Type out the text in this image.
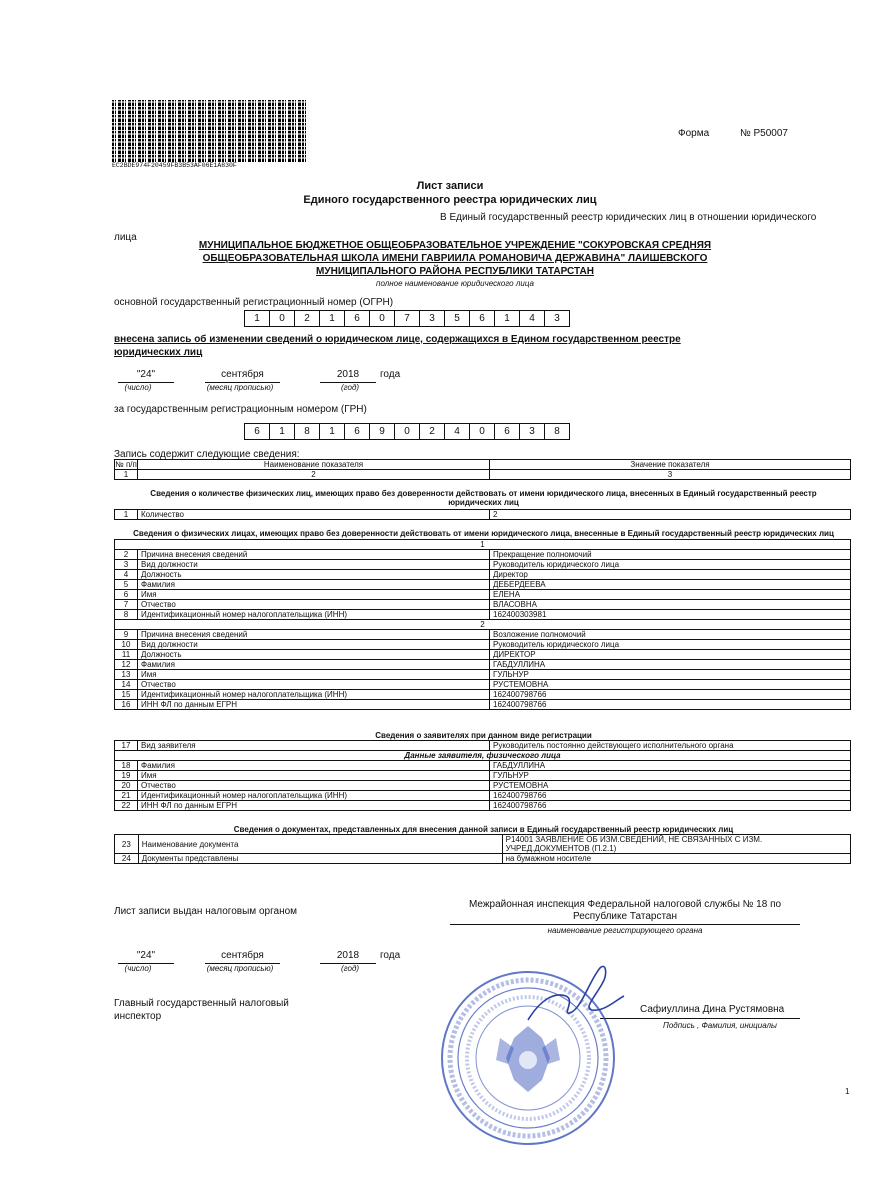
EC2BDE974F20459FB3B53AF06E1A830F
Форма	№ Р50007
Лист записи
Единого государственного реестра юридических лиц
В Единый государственный реестр юридических лиц в отношении юридического
лица
МУНИЦИПАЛЬНОЕ БЮДЖЕТНОЕ ОБЩЕОБРАЗОВАТЕЛЬНОЕ УЧРЕЖДЕНИЕ "СОКУРОВСКАЯ СРЕДНЯЯ
ОБЩЕОБРАЗОВАТЕЛЬНАЯ ШКОЛА ИМЕНИ ГАВРИИЛА РОМАНОВИЧА ДЕРЖАВИНА" ЛАИШЕВСКОГО
МУНИЦИПАЛЬНОГО РАЙОНА РЕСПУБЛИКИ ТАТАРСТАН
полное наименование юридического лица
основной государственный регистрационный номер (ОГРН)
1	0	2	1	6	0	7	3	5	6	1	4	3
внесена запись об изменении сведений о юридическом лице, содержащихся в Едином государственном реестре
юридических лиц
"24"	сентября	2018	года
(число)	(месяц прописью)	(год)
за государственным регистрационным номером (ГРН)
6	1	8	1	6	9	0	2	4	0	6	3	8
Запись содержит следующие сведения:
№ п/п	Наименование показателя	Значение показателя
1	2	3
Сведения о количестве физических лиц, имеющих право без доверенности действовать от имени юридического лица, внесенных в Единый государственный реестр
юридических лиц
1	Количество	2
Сведения о физических лицах, имеющих право без доверенности действовать от имени юридического лица, внесенные в Единый государственный реестр юридических лиц
1		
2	Причина внесения сведений	Прекращение полномочий
3	Вид должности	Руководитель юридического лица
4	Должность	Директор
5	Фамилия	ДЕБЕРДЕЕВА
6	Имя	ЕЛЕНА
7	Отчество	ВЛАСОВНА
8	Идентификационный номер налогоплательщика (ИНН)	162400303981
2		
9	Причина внесения сведений	Возложение полномочий
10	Вид должности	Руководитель юридического лица
11	Должность	ДИРЕКТОР
12	Фамилия	ГАБДУЛЛИНА
13	Имя	ГУЛЬНУР
14	Отчество	РУСТЕМОВНА
15	Идентификационный номер налогоплательщика (ИНН)	162400798766
16	ИНН ФЛ по данным ЕГРН	162400798766
Сведения о заявителях при данном виде регистрации
17	Вид заявителя	Руководитель постоянно действующего исполнительного органа
Данные заявителя, физического лица		
18	Фамилия	ГАБДУЛЛИНА
19	Имя	ГУЛЬНУР
20	Отчество	РУСТЕМОВНА
21	Идентификационный номер налогоплательщика (ИНН)	162400798766
22	ИНН ФЛ по данным ЕГРН	162400798766
Сведения о документах, представленных для внесения данной записи в Единый государственный реестр юридических лиц
23	Наименование документа	Р14001 ЗАЯВЛЕНИЕ ОБ ИЗМ.СВЕДЕНИЙ, НЕ СВЯЗАННЫХ С ИЗМ. УЧРЕД.ДОКУМЕНТОВ (П.2.1)
24	Документы представлены	на бумажном носителе
Лист записи выдан налоговым органом
Межрайонная инспекция Федеральной налоговой службы № 18 по
Республике Татарстан
наименование регистрирующего органа
"24"	сентября	2018	года
(число)	(месяц прописью)	(год)
Главный государственный налоговый
инспектор
Сафиуллина Дина Рустямовна
Подпись , Фамилия, инициалы
1
